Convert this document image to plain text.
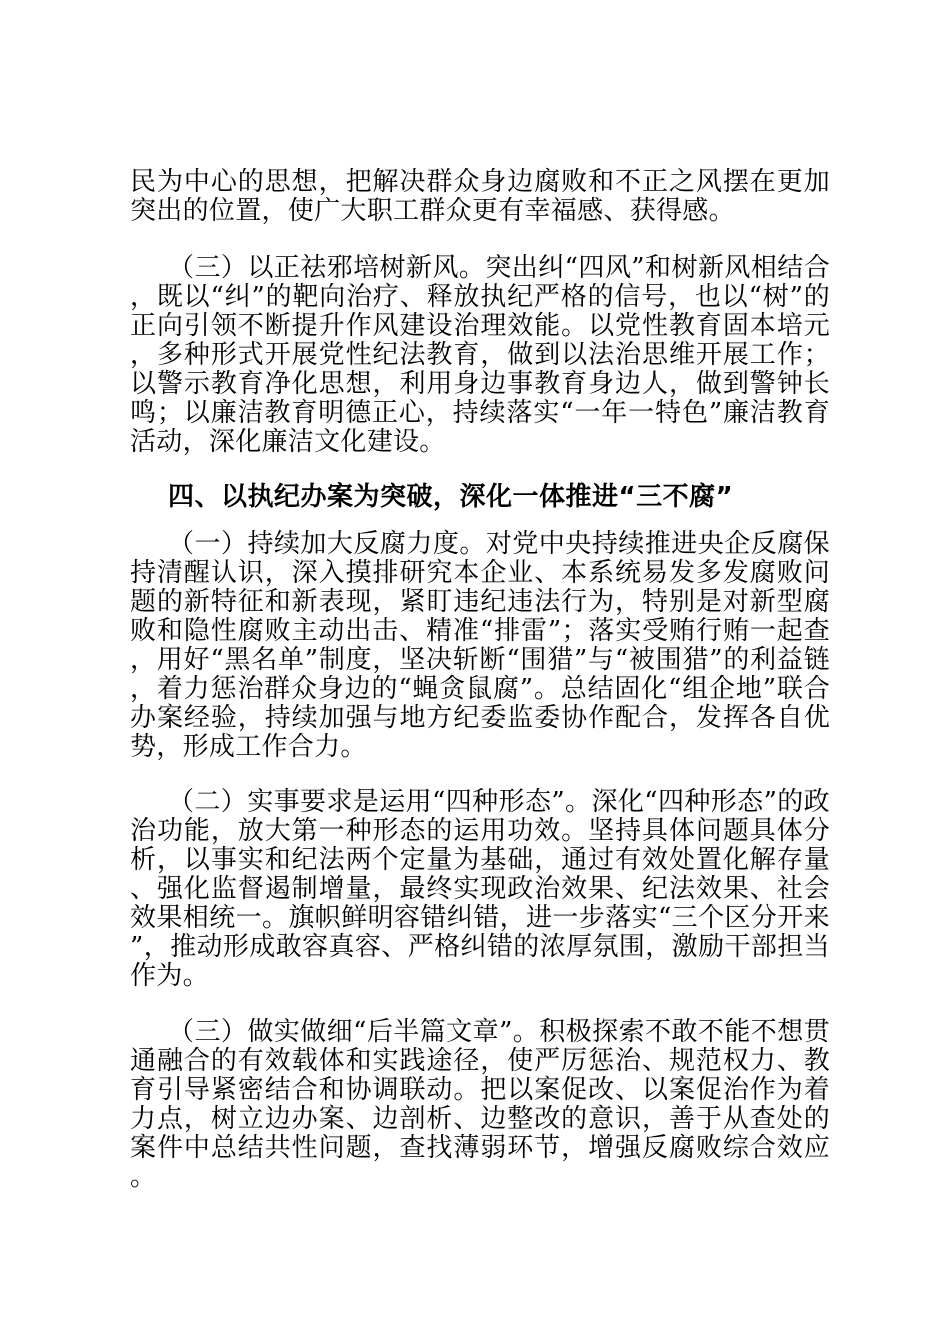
民为中心的思想，把解决群众身边腐败和不正之风摆在更加突出的位置，使广大职工群众更有幸福感、获得感。

（三）以正祛邪培树新风。突出纠“四风”和树新风相结合，既以“纠”的靶向治疗、释放执纪严格的信号，也以“树”的正向引领不断提升作风建设治理效能。以党性教育固本培元，多种形式开展党性纪法教育，做到以法治思维开展工作；以警示教育净化思想，利用身边事教育身边人，做到警钟长鸣；以廉洁教育明德正心，持续落实“一年一特色”廉洁教育活动，深化廉洁文化建设。

四、以执纪办案为突破，深化一体推进“三不腐”

（一）持续加大反腐力度。对党中央持续推进央企反腐保持清醒认识，深入摸排研究本企业、本系统易发多发腐败问题的新特征和新表现，紧盯违纪违法行为，特别是对新型腐败和隐性腐败主动出击、精准“排雷”；落实受贿行贿一起查，用好“黑名单”制度，坚决斩断“围猎”与“被围猎”的利益链，着力惩治群众身边的“蝇贪鼠腐”。总结固化“组企地”联合办案经验，持续加强与地方纪委监委协作配合，发挥各自优势，形成工作合力。

（二）实事要求是运用“四种形态”。深化“四种形态”的政治功能，放大第一种形态的运用功效。坚持具体问题具体分析，以事实和纪法两个定量为基础，通过有效处置化解存量、强化监督遏制增量，最终实现政治效果、纪法效果、社会效果相统一。旗帜鲜明容错纠错，进一步落实“三个区分开来”，推动形成敢容真容、严格纠错的浓厚氛围，激励干部担当作为。

（三）做实做细“后半篇文章”。积极探索不敢不能不想贯通融合的有效载体和实践途径，使严厉惩治、规范权力、教育引导紧密结合和协调联动。把以案促改、以案促治作为着力点，树立边办案、边剖析、边整改的意识，善于从查处的案件中总结共性问题，查找薄弱环节，增强反腐败综合效应。
